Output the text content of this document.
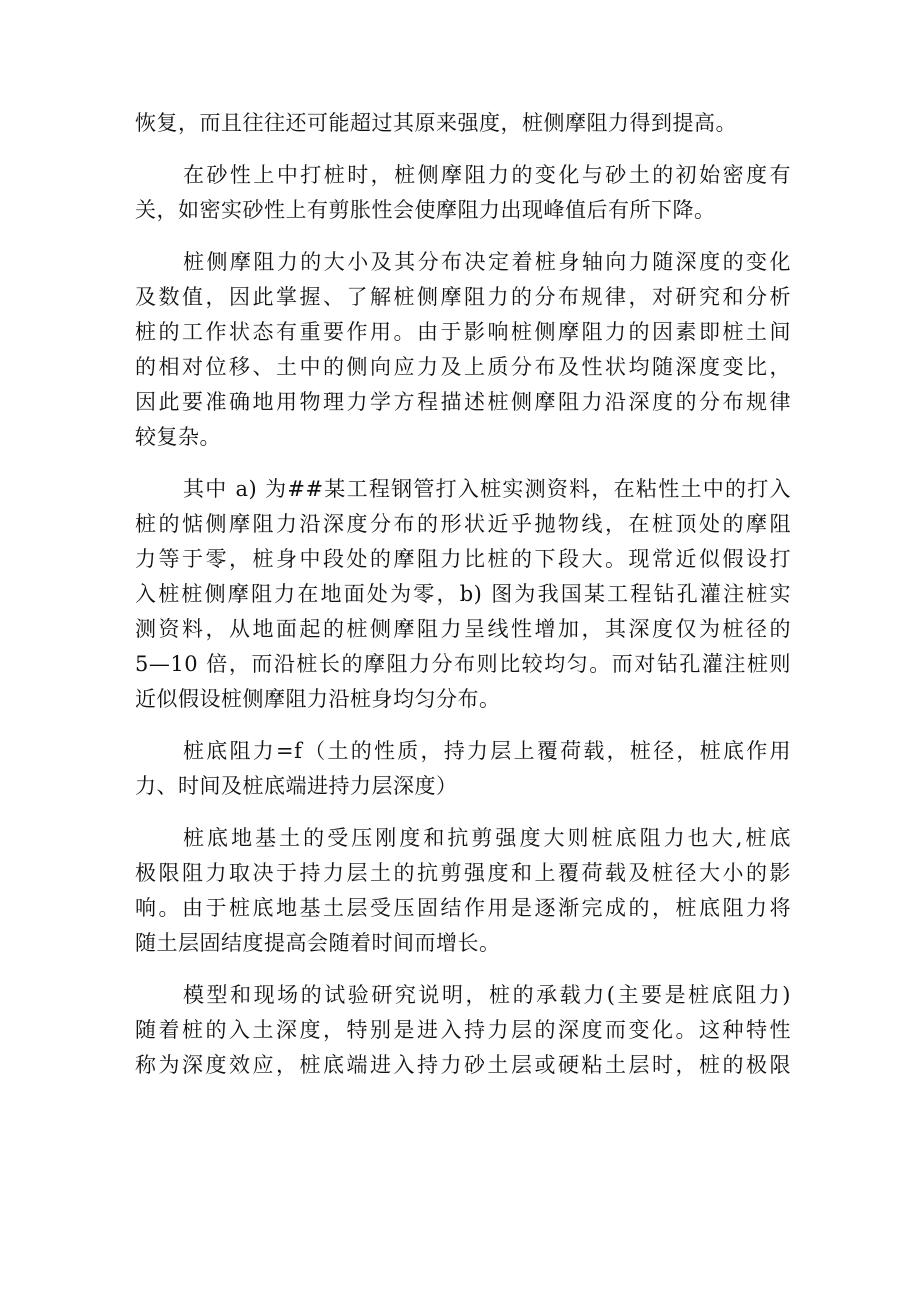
恢复，而且往往还可能超过其原来强度，桩侧摩阻力得到提高。
在砂性上中打桩时，桩侧摩阻力的变化与砂土的初始密度有
关，如密实砂性上有剪胀性会使摩阻力出现峰值后有所下降。
桩侧摩阻力的大小及其分布决定着桩身轴向力随深度的变化
及数值，因此掌握、了解桩侧摩阻力的分布规律，对研究和分析
桩的工作状态有重要作用。由于影响桩侧摩阻力的因素即桩土间
的相对位移、土中的侧向应力及上质分布及性状均随深度变比，
因此要准确地用物理力学方程描述桩侧摩阻力沿深度的分布规律
较复杂。
其中 a) 为##某工程钢管打入桩实测资料，在粘性土中的打入
桩的惦侧摩阻力沿深度分布的形状近乎抛物线，在桩顶处的摩阻
力等于零，桩身中段处的摩阻力比桩的下段大。现常近似假设打
入桩桩侧摩阻力在地面处为零，b) 图为我国某工程钻孔灌注桩实
测资料，从地面起的桩侧摩阻力呈线性增加，其深度仅为桩径的
5—10 倍，而沿桩长的摩阻力分布则比较均匀。而对钻孔灌注桩则
近似假设桩侧摩阻力沿桩身均匀分布。
桩底阻力=f（土的性质，持力层上覆荷载，桩径，桩底作用
力、时间及桩底端进持力层深度）
桩底地基土的受压刚度和抗剪强度大则桩底阻力也大,桩底
极限阻力取决于持力层土的抗剪强度和上覆荷载及桩径大小的影
响。由于桩底地基土层受压固结作用是逐渐完成的，桩底阻力将
随土层固结度提高会随着时间而增长。
模型和现场的试验研究说明，桩的承载力(主要是桩底阻力)
随着桩的入土深度，特别是进入持力层的深度而变化。这种特性
称为深度效应，桩底端进入持力砂土层或硬粘土层时，桩的极限
